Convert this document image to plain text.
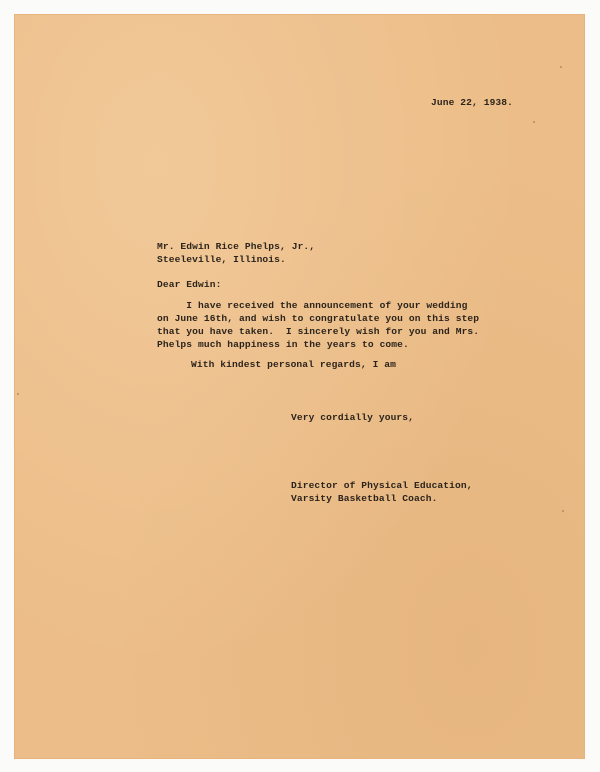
June 22, 1938.

Mr. Edwin Rice Phelps, Jr.,

Steeleville, Illinois.

Dear Edwin:

I have received the announcement of your wedding

on June 16th, and wish to congratulate you on this step

that you have taken.  I sincerely wish for you and Mrs.

Phelps much happiness in the years to come.

With kindest personal regards, I am

Very cordially yours,

Director of Physical Education,

Varsity Basketball Coach.
